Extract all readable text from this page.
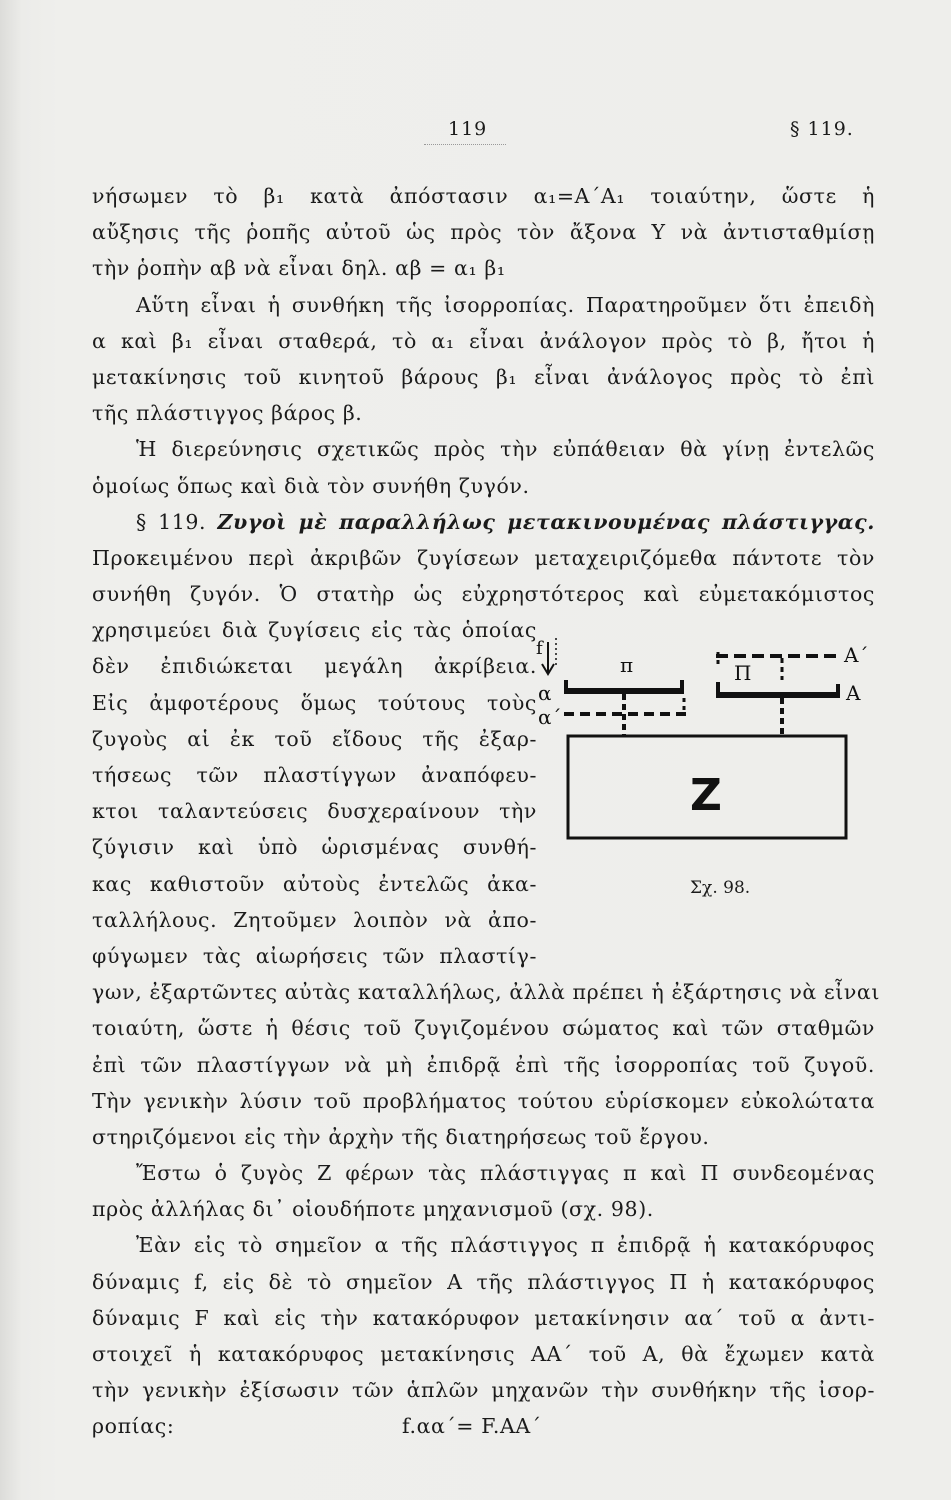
119	§ 119.
νήσωμεν τὸ β₁ κατὰ ἀπόστασιν α₁=Α΄Α₁ τοιαύτην, ὥστε ἡ
αὔξησις τῆς ῥοπῆς αὐτοῦ ὡς πρὸς τὸν ἄξονα Υ νὰ ἀντισταθμίσῃ
τὴν ῥοπὴν αβ νὰ εἶναι δηλ. αβ = α₁ β₁
Αὕτη εἶναι ἡ συνθήκη τῆς ἰσορροπίας. Παρατηροῦμεν ὅτι ἐπειδὴ
α καὶ β₁ εἶναι σταθερά, τὸ α₁ εἶναι ἀνάλογον πρὸς τὸ β, ἤτοι ἡ
μετακίνησις τοῦ κινητοῦ βάρους β₁ εἶναι ἀνάλογος πρὸς τὸ ἐπὶ
τῆς πλάστιγγος βάρος β.
Ἡ διερεύνησις σχετικῶς πρὸς τὴν εὐπάθειαν θὰ γίνῃ ἐντελῶς
ὁμοίως ὅπως καὶ διὰ τὸν συνήθη ζυγόν.
§ 119. Ζυγοὶ μὲ παραλλήλως μετακινουμένας πλάστιγγας.
Προκειμένου περὶ ἀκριβῶν ζυγίσεων μεταχειριζόμεθα πάντοτε τὸν
συνήθη ζυγόν. Ὁ στατὴρ ὡς εὐχρηστότερος καὶ εὐμετακόμιστος
χρησιμεύει διὰ ζυγίσεις εἰς τὰς ὁποίας
δὲν ἐπιδιώκεται μεγάλη ἀκρίβεια.
Εἰς ἀμφοτέρους ὅμως τούτους τοὺς
ζυγοὺς αἱ ἐκ τοῦ εἴδους τῆς ἐξαρ-
τήσεως τῶν πλαστίγγων ἀναπόφευ-
κτοι ταλαντεύσεις δυσχεραίνουν τὴν
ζύγισιν καὶ ὑπὸ ὡρισμένας συνθή-
κας καθιστοῦν αὐτοὺς ἐντελῶς ἀκα-
ταλλήλους. Ζητοῦμεν λοιπὸν νὰ ἀπο-
φύγωμεν τὰς αἰωρήσεις τῶν πλαστίγ-
γων, ἐξαρτῶντες αὐτὰς καταλλήλως, ἀλλὰ πρέπει ἡ ἐξάρτησις νὰ εἶναι
τοιαύτη, ὥστε ἡ θέσις τοῦ ζυγιζομένου σώματος καὶ τῶν σταθμῶν
ἐπὶ τῶν πλαστίγγων νὰ μὴ ἐπιδρᾷ ἐπὶ τῆς ἰσορροπίας τοῦ ζυγοῦ.
Τὴν γενικὴν λύσιν τοῦ προβλήματος τούτου εὑρίσκομεν εὐκολώτατα
στηριζόμενοι εἰς τὴν ἀρχὴν τῆς διατηρήσεως τοῦ ἔργου.
Ἔστω ὁ ζυγὸς Ζ φέρων τὰς πλάστιγγας π καὶ Π συνδεομένας
πρὸς ἀλλήλας δι᾿ οἱουδήποτε μηχανισμοῦ (σχ. 98).
Ἐὰν εἰς τὸ σημεῖον α τῆς πλάστιγγος π ἐπιδρᾷ ἡ κατακόρυφος
δύναμις f, εἰς δὲ τὸ σημεῖον Α τῆς πλάστιγγος Π ἡ κατακόρυφος
δύναμις F καὶ εἰς τὴν κατακόρυφον μετακίνησιν αα΄ τοῦ α ἀντι-
στοιχεῖ ἡ κατακόρυφος μετακίνησις ΑΑ΄ τοῦ Α, θὰ ἔχωμεν κατὰ
τὴν γενικὴν ἐξίσωσιν τῶν ἁπλῶν μηχανῶν τὴν συνθήκην τῆς ἰσορ-
ροπίας:	f.αα΄= F.ΑΑ΄
Ζ
f
α
α΄
π	Π
Α΄
Α
Σχ. 98.
